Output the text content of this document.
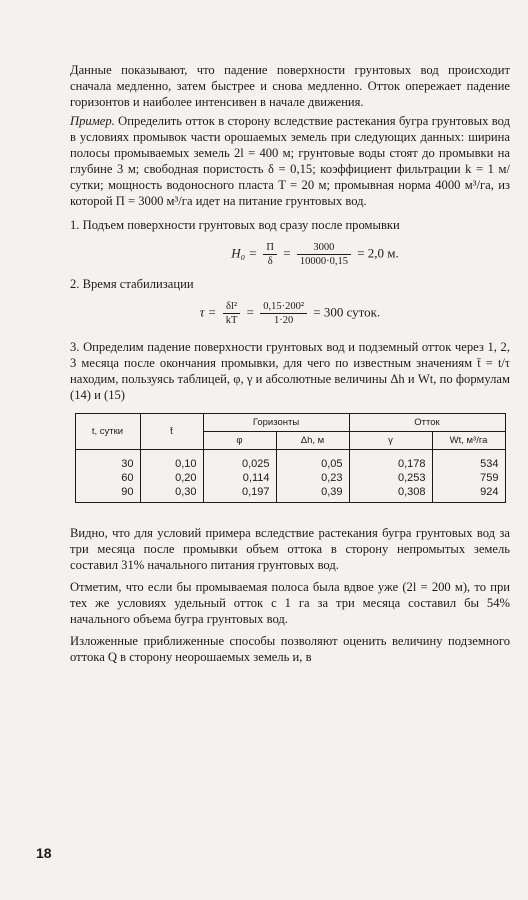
Данные показывают, что падение поверхности грунтовых вод происходит сначала медленно, затем быстрее и снова медленно. Отток опережает падение горизонтов и наиболее интенсивен в начале движения.

Пример. Определить отток в сторону вследствие растекания бугра грунтовых вод в условиях промывок части орошаемых земель при следующих данных: ширина полосы промываемых земель 2l = 400 м; грунтовые воды стоят до промывки на глубине 3 м; свободная пористость δ = 0,15; коэффициент фильтрации k = 1 м/сутки; мощность водоносного пласта T = 20 м; промывная норма 4000 м³/га, из которой П = 3000 м³/га идет на питание грунтовых вод.

1. Подъем поверхности грунтовых вод сразу после промывки

$H_0 = \frac{П}{\delta} = \frac{3000}{10000\cdot 0,15} = 2,0$ м.

2. Время стабилизации

$\tau = \frac{\text{δl²}}{kT} = \frac{\text{0,15·200²}}{1\cdot 20} = 300$ суток.

3. Определим падение поверхности грунтовых вод и подземный отток через 1, 2, 3 месяца после окончания промывки, для чего по известным значениям t̄ = t/τ находим, пользуясь таблицей, φ, γ и абсолютные величины Δh и Wt, по формулам (14) и (15)

t, сутки	t̄	Горизонты		Отток	
		φ	Δh, м	γ	Wt, м³/га
30	0,10	0,025	0,05	0,178	534
60	0,20	0,114	0,23	0,253	759
90	0,30	0,197	0,39	0,308	924

Видно, что для условий примера вследствие растекания бугра грунтовых вод за три месяца после промывки объем оттока в сторону непромытых земель составил 31% начального питания грунтовых вод.

Отметим, что если бы промываемая полоса была вдвое уже (2l = 200 м), то при тех же условиях удельный отток с 1 га за три месяца составил бы 54% начального объема бугра грунтовых вод.

Изложенные приближенные способы позволяют оценить величину подземного оттока Q в сторону неорошаемых земель и, в

18
